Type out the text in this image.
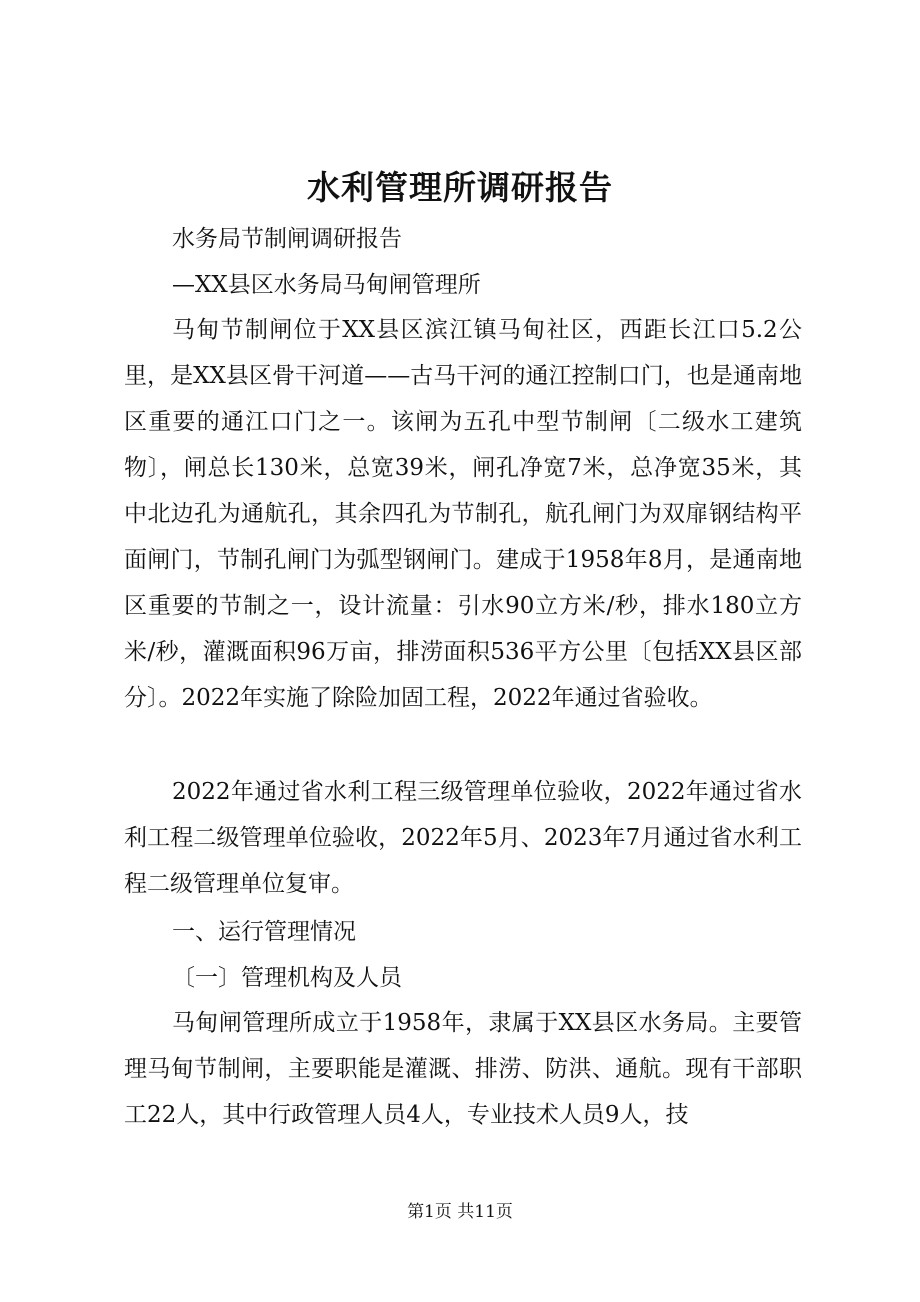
水利管理所调研报告

水务局节制闸调研报告

—XX县区水务局马甸闸管理所

马甸节制闸位于XX县区滨江镇马甸社区，西距长江口5.2公里，是XX县区骨干河道——古马干河的通江控制口门，也是通南地区重要的通江口门之一。该闸为五孔中型节制闸〔二级水工建筑物〕，闸总长130米，总宽39米，闸孔净宽7米，总净宽35米，其中北边孔为通航孔，其余四孔为节制孔，航孔闸门为双扉钢结构平面闸门，节制孔闸门为弧型钢闸门。建成于1958年8月，是通南地区重要的节制之一，设计流量：引水90立方米/秒，排水180立方米/秒，灌溉面积96万亩，排涝面积536平方公里〔包括XX县区部分〕。2022年实施了除险加固工程，2022年通过省验收。

2022年通过省水利工程三级管理单位验收，2022年通过省水利工程二级管理单位验收，2022年5月、2023年7月通过省水利工程二级管理单位复审。

一、运行管理情况

〔一〕管理机构及人员

马甸闸管理所成立于1958年，隶属于XX县区水务局。主要管理马甸节制闸，主要职能是灌溉、排涝、防洪、通航。现有干部职工22人，其中行政管理人员4人，专业技术人员9人，技

第1页 共11页
